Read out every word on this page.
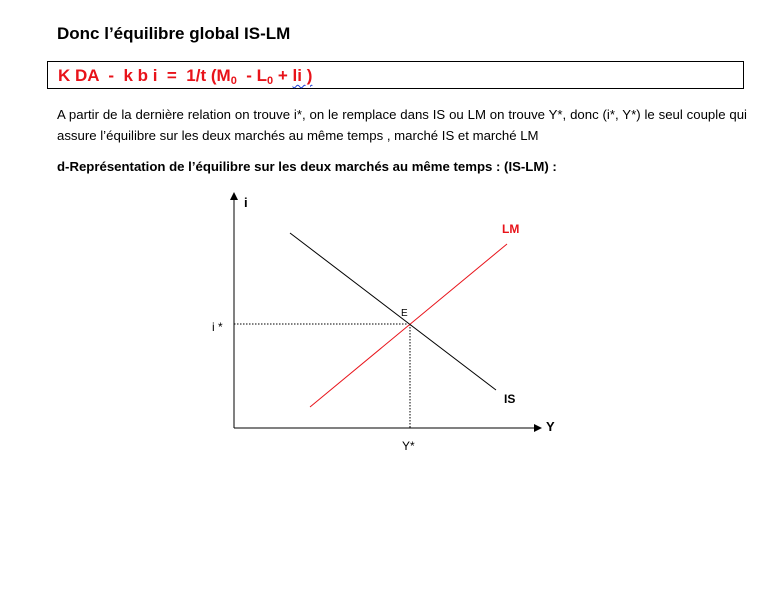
Donc l’équilibre global IS-LM
K DA  -  k b i  =  1/t ($M_0 - L_0$ + li )
A partir de la dernière relation on trouve i*, on le remplace dans IS ou LM on trouve Y*, donc (i*, Y*) le seul couple qui assure l’équilibre sur les deux marchés au même temps , marché IS et marché LM
d-Représentation de l’équilibre sur les deux marchés au même temps : (IS-LM) :
i
Y
LM
IS
E
i *
Y*
